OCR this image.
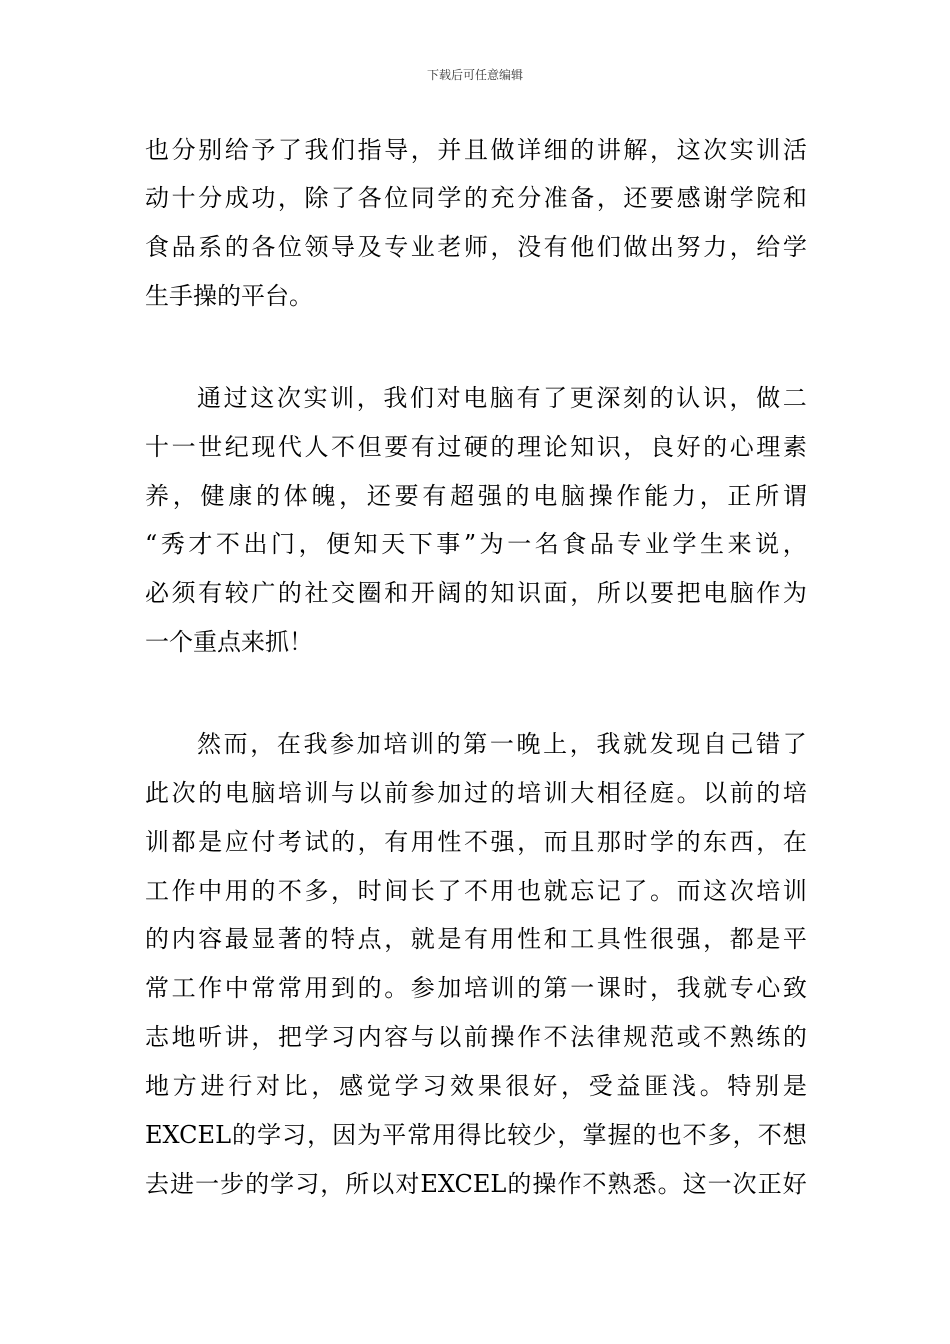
下载后可任意编辑
也 分 别 给 予 了 我 们 指 导 ， 并 且 做 详 细 的 讲 解 ， 这 次 实 训 活
动 十 分 成 功 ， 除 了 各 位 同 学 的 充 分 准 备 ， 还 要 感 谢 学 院 和
食 品 系 的 各 位 领 导 及 专 业 老 师 ， 没 有 他 们 做 出 努 力 ， 给 学
生手操的平台。
通 过 这 次 实 训 ， 我 们 对 电 脑 有 了 更 深 刻 的 认 识 ， 做 二
十 一 世 纪 现 代 人 不 但 要 有 过 硬 的 理 论 知 识 ， 良 好 的 心 理 素
养 ， 健 康 的 体 魄 ， 还 要 有 超 强 的 电 脑 操 作 能 力 ， 正 所 谓
“ 秀 才 不 出 门 ， 便 知 天 下 事 ” 为 一 名 食 品 专 业 学 生 来 说 ，
必 须 有 较 广 的 社 交 圈 和 开 阔 的 知 识 面 ， 所 以 要 把 电 脑 作 为
一个重点来抓！
然 而 ， 在 我 参 加 培 训 的 第 一 晚 上 ， 我 就 发 现 自 己 错 了
此 次 的 电 脑 培 训 与 以 前 参 加 过 的 培 训 大 相 径 庭 。 以 前 的 培
训 都 是 应 付 考 试 的 ， 有 用 性 不 强 ， 而 且 那 时 学 的 东 西 ， 在
工 作 中 用 的 不 多 ， 时 间 长 了 不 用 也 就 忘 记 了 。 而 这 次 培 训
的 内 容 最 显 著 的 特 点 ， 就 是 有 用 性 和 工 具 性 很 强 ， 都 是 平
常 工 作 中 常 常 用 到 的 。 参 加 培 训 的 第 一 课 时 ， 我 就 专 心 致
志 地 听 讲 ， 把 学 习 内 容 与 以 前 操 作 不 法 律 规 范 或 不 熟 练 的
地 方 进 行 对 比 ， 感 觉 学 习 效 果 很 好 ， 受 益 匪 浅 。 特 别 是
EXCEL 的 学 习 ， 因 为 平 常 用 得 比 较 少 ， 掌 握 的 也 不 多 ， 不 想
去 进 一 步 的 学 习 ， 所 以 对 EXCEL 的 操 作 不 熟 悉 。 这 一 次 正 好
